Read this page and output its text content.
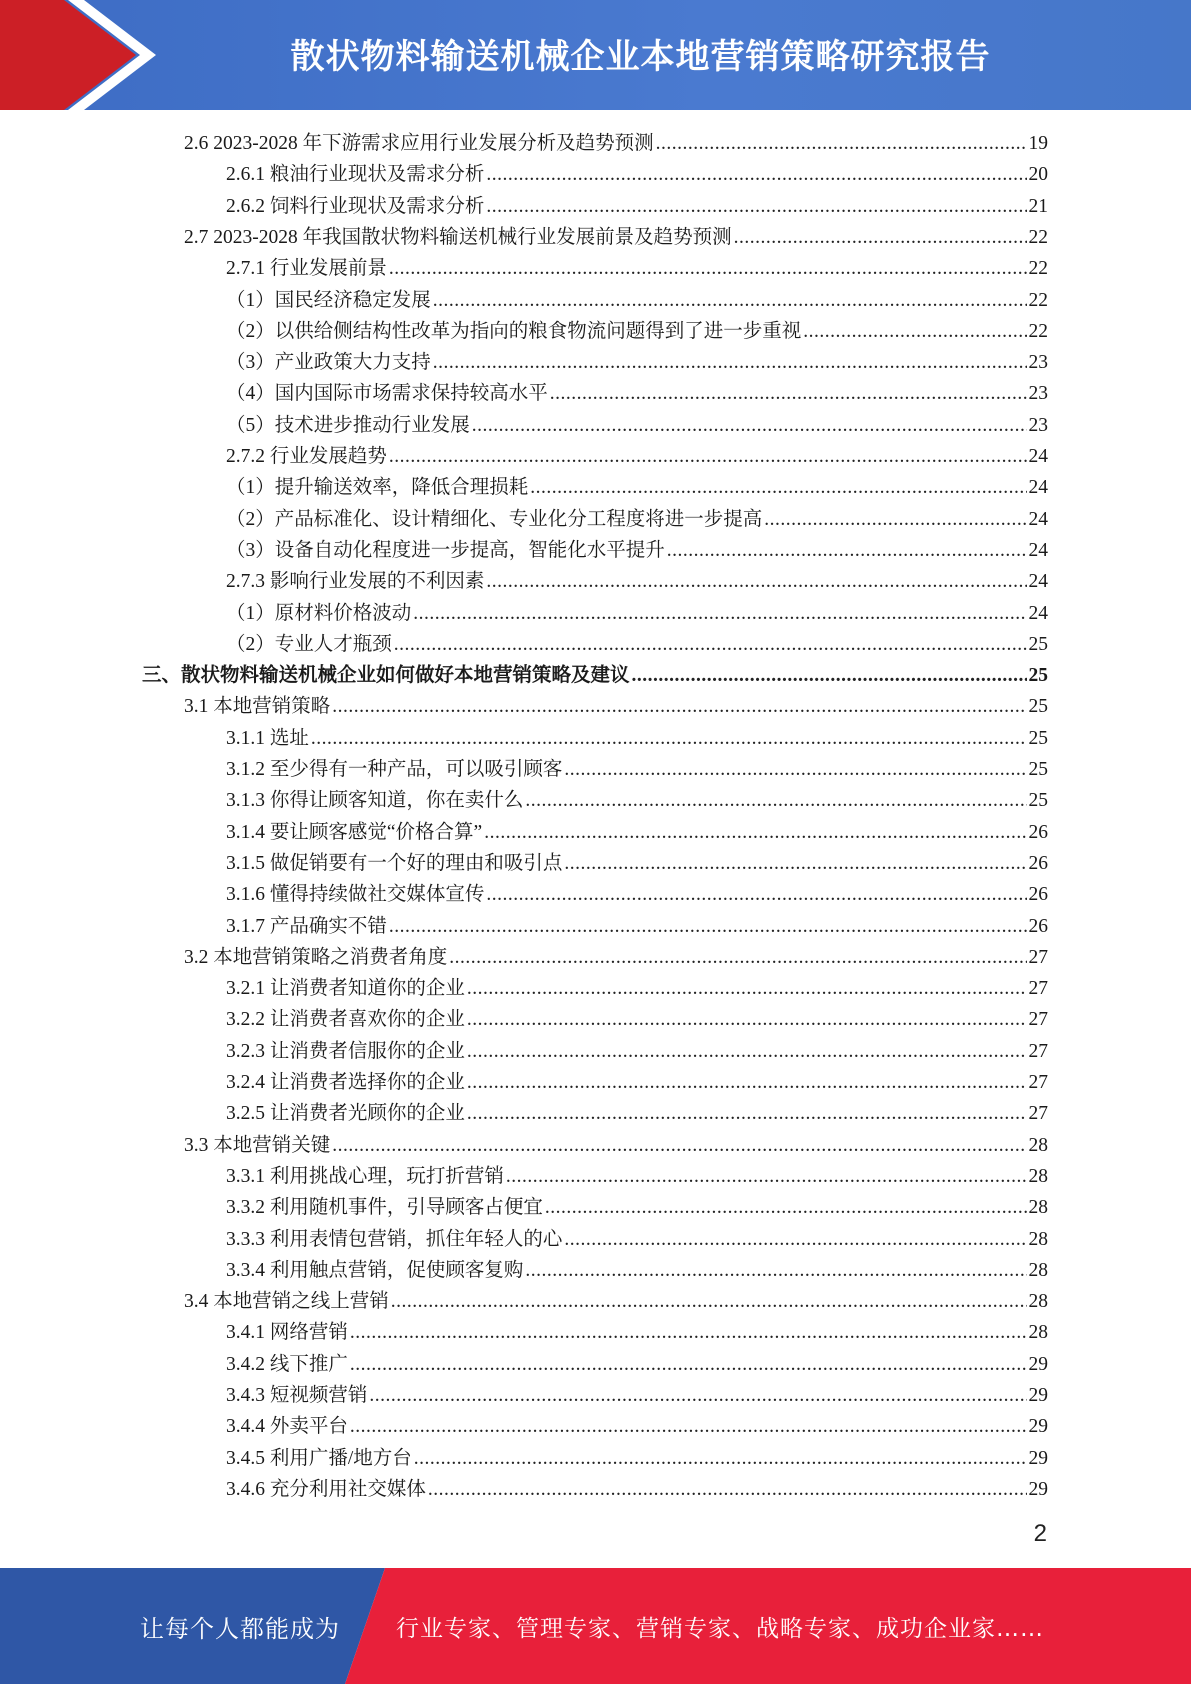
散状物料输送机械企业本地营销策略研究报告
2.6 2023-2028 年下游需求应用行业发展分析及趋势预测 .....	19
2.6.1 粮油行业现状及需求分析 .....	20
2.6.2 饲料行业现状及需求分析 .....	21
2.7 2023-2028 年我国散状物料输送机械行业发展前景及趋势预测 .....	22
2.7.1 行业发展前景 .....	22
（1）国民经济稳定发展 .....	22
（2）以供给侧结构性改革为指向的粮食物流问题得到了进一步重视 .....	22
（3）产业政策大力支持 .....	23
（4）国内国际市场需求保持较高水平 .....	23
（5）技术进步推动行业发展 .....	23
2.7.2 行业发展趋势 .....	24
（1）提升输送效率，降低合理损耗 .....	24
（2）产品标准化、设计精细化、专业化分工程度将进一步提高 .....	24
（3）设备自动化程度进一步提高，智能化水平提升 .....	24
2.7.3 影响行业发展的不利因素 .....	24
（1）原材料价格波动 .....	24
（2）专业人才瓶颈 .....	25
三、散状物料输送机械企业如何做好本地营销策略及建议 .....	25
3.1 本地营销策略 .....	25
3.1.1 选址 .....	25
3.1.2 至少得有一种产品，可以吸引顾客 .....	25
3.1.3 你得让顾客知道，你在卖什么 .....	25
3.1.4 要让顾客感觉“价格合算” .....	26
3.1.5 做促销要有一个好的理由和吸引点 .....	26
3.1.6 懂得持续做社交媒体宣传 .....	26
3.1.7 产品确实不错 .....	26
3.2 本地营销策略之消费者角度 .....	27
3.2.1 让消费者知道你的企业 .....	27
3.2.2 让消费者喜欢你的企业 .....	27
3.2.3 让消费者信服你的企业 .....	27
3.2.4 让消费者选择你的企业 .....	27
3.2.5 让消费者光顾你的企业 .....	27
3.3 本地营销关键 .....	28
3.3.1 利用挑战心理，玩打折营销 .....	28
3.3.2 利用随机事件，引导顾客占便宜 .....	28
3.3.3 利用表情包营销，抓住年轻人的心 .....	28
3.3.4 利用触点营销，促使顾客复购 .....	28
3.4 本地营销之线上营销 .....	28
3.4.1 网络营销 .....	28
3.4.2 线下推广 .....	29
3.4.3 短视频营销 .....	29
3.4.4 外卖平台 .....	29
3.4.5 利用广播/地方台 .....	29
3.4.6 充分利用社交媒体 .....	29
2
让每个人都能成为	行业专家、管理专家、营销专家、战略专家、成功企业家……
